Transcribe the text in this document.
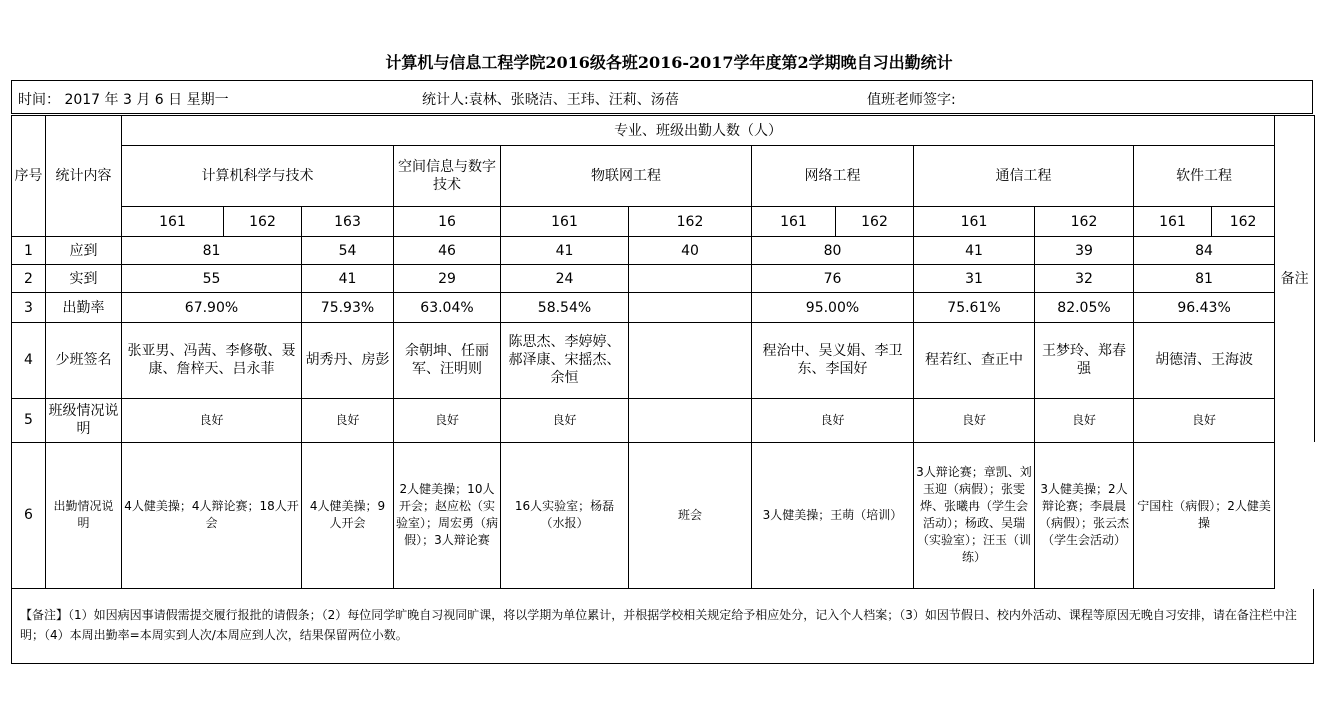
计算机与信息工程学院2016级各班2016-2017学年度第2学期晚自习出勤统计
时间： 2017 年 3 月 6 日 星期一	统计人:袁林、张晓洁、王玮、汪莉、汤蓓	值班老师签字:
序号	统计内容	专业、班级出勤人数（人）												备注
		计算机科学与技术			空间信息与数字技术	物联网工程		网络工程		通信工程		软件工程		
		161	162	163	16	161	162	161	162	161	162	161	162	
1	应到	81		54	46	41	40	80		41	39	84		
2	实到	55		41	29	24		76		31	32	81		
3	出勤率	67.90%		75.93%	63.04%	58.54%		95.00%		75.61%	82.05%	96.43%		
4	少班签名	张亚男、冯茜、李修敬、聂康、詹梓天、吕永菲		胡秀丹、房彭	余朝坤、任丽军、汪明则	陈思杰、李婷婷、郝泽康、宋摇杰、余恒		程治中、吴义娟、李卫东、李国好		程若红、查正中	王梦玲、郑春强	胡德清、王海波		
5	班级情况说明	良好		良好	良好	良好		良好		良好	良好	良好		
6	出勤情况说明	4人健美操；4人辩论赛；18人开会		4人健美操；9人开会	2人健美操；10人开会；赵应松（实验室）；周宏勇（病假）；3人辩论赛	16人实验室；杨磊（水报）	班会	3人健美操；王萌（培训）		3人辩论赛；章凯、刘玉迎（病假）；张雯烨、张曦冉（学生会活动）；杨政、吴瑞（实验室）；汪玉（训练）	3人健美操；2人辩论赛；李晨晨（病假）；张云杰（学生会活动）	宁国柱（病假）；2人健美操		
【备注】（1）如因病因事请假需提交履行报批的请假条；（2）每位同学旷晚自习视同旷课，将以学期为单位累计，并根据学校相关规定给予相应处分，记入个人档案；（3）如因节假日、校内外活动、课程等原因无晚自习安排，请在备注栏中注明；（4）本周出勤率=本周实到人次/本周应到人次，结果保留两位小数。
